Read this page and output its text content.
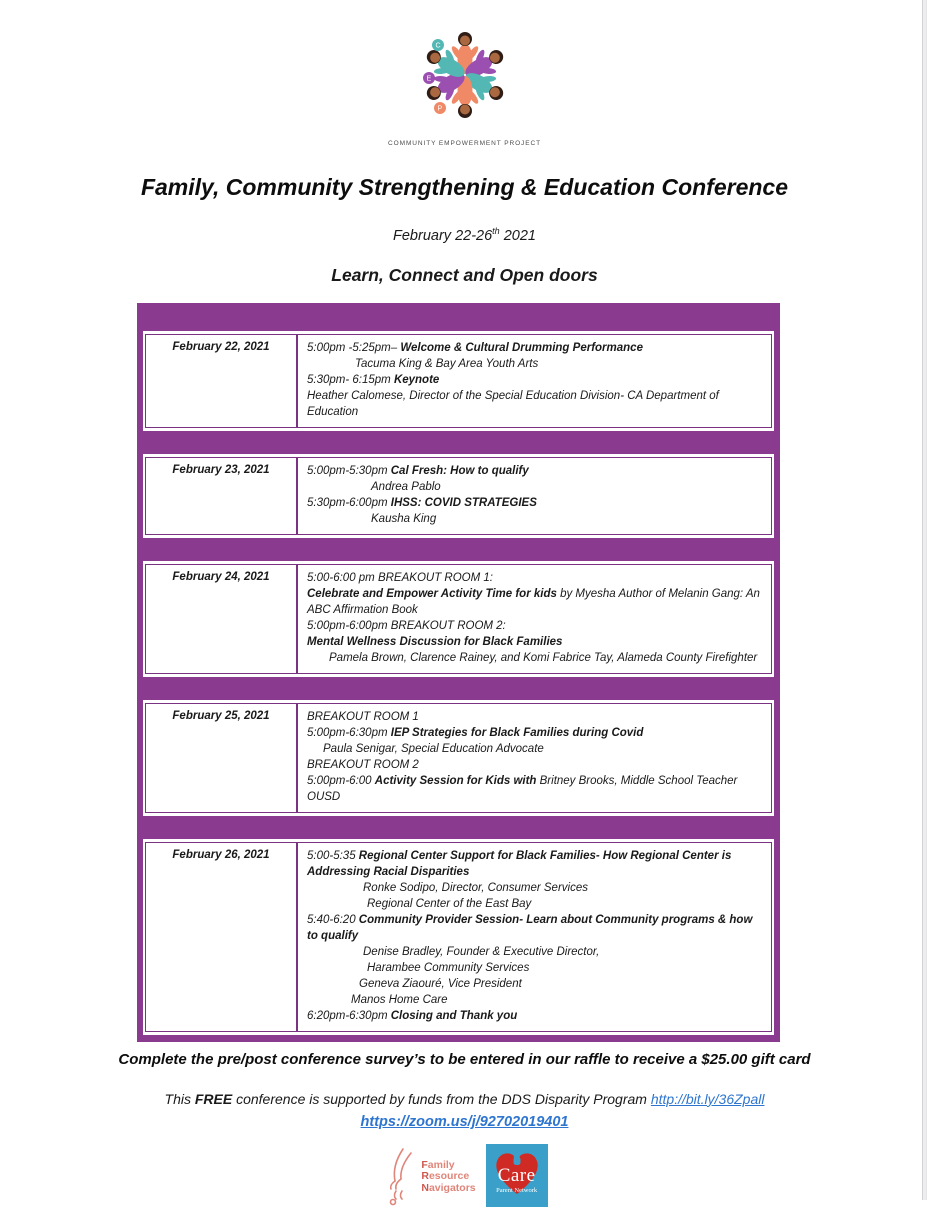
C
E
P
COMMUNITY EMPOWERMENT PROJECT
Family, Community Strengthening & Education Conference
February 22-26th 2021
Learn, Connect and Open doors
February 22, 2021	5:00pm -5:25pm– Welcome & Cultural Drumming Performance
Tacuma King & Bay Area Youth Arts
5:30pm- 6:15pm Keynote
Heather Calomese, Director of the Special Education Division- CA Department of Education
February 23, 2021	5:00pm-5:30pm Cal Fresh: How to qualify
Andrea Pablo
5:30pm-6:00pm IHSS: COVID STRATEGIES
Kausha King
February 24, 2021	5:00-6:00 pm BREAKOUT ROOM 1:
Celebrate and Empower Activity Time for kids by Myesha Author of Melanin Gang: An ABC Affirmation Book
5:00pm-6:00pm BREAKOUT ROOM 2:
Mental Wellness Discussion for Black Families
Pamela Brown, Clarence Rainey, and Komi Fabrice Tay, Alameda County Firefighter
February 25, 2021	BREAKOUT ROOM 1
5:00pm-6:30pm IEP Strategies for Black Families during Covid
Paula Senigar, Special Education Advocate
BREAKOUT ROOM 2
5:00pm-6:00 Activity Session for Kids with Britney Brooks, Middle School Teacher OUSD
February 26, 2021	5:00-5:35 Regional Center Support for Black Families- How Regional Center is Addressing Racial Disparities
Ronke Sodipo, Director, Consumer Services
Regional Center of the East Bay
5:40-6:20 Community Provider Session- Learn about Community programs & how to qualify
Denise Bradley, Founder & Executive Director,
Harambee Community Services
Geneva Ziaouré, Vice President
Manos Home Care
6:20pm-6:30pm Closing and Thank you
Complete the pre/post conference survey’s to be entered in our raffle to receive a $25.00 gift card
This FREE conference is supported by funds from the DDS Disparity Program http://bit.ly/36Zpall
https://zoom.us/j/92702019401
Family
Resource
Navigators
Care
Parent Network
